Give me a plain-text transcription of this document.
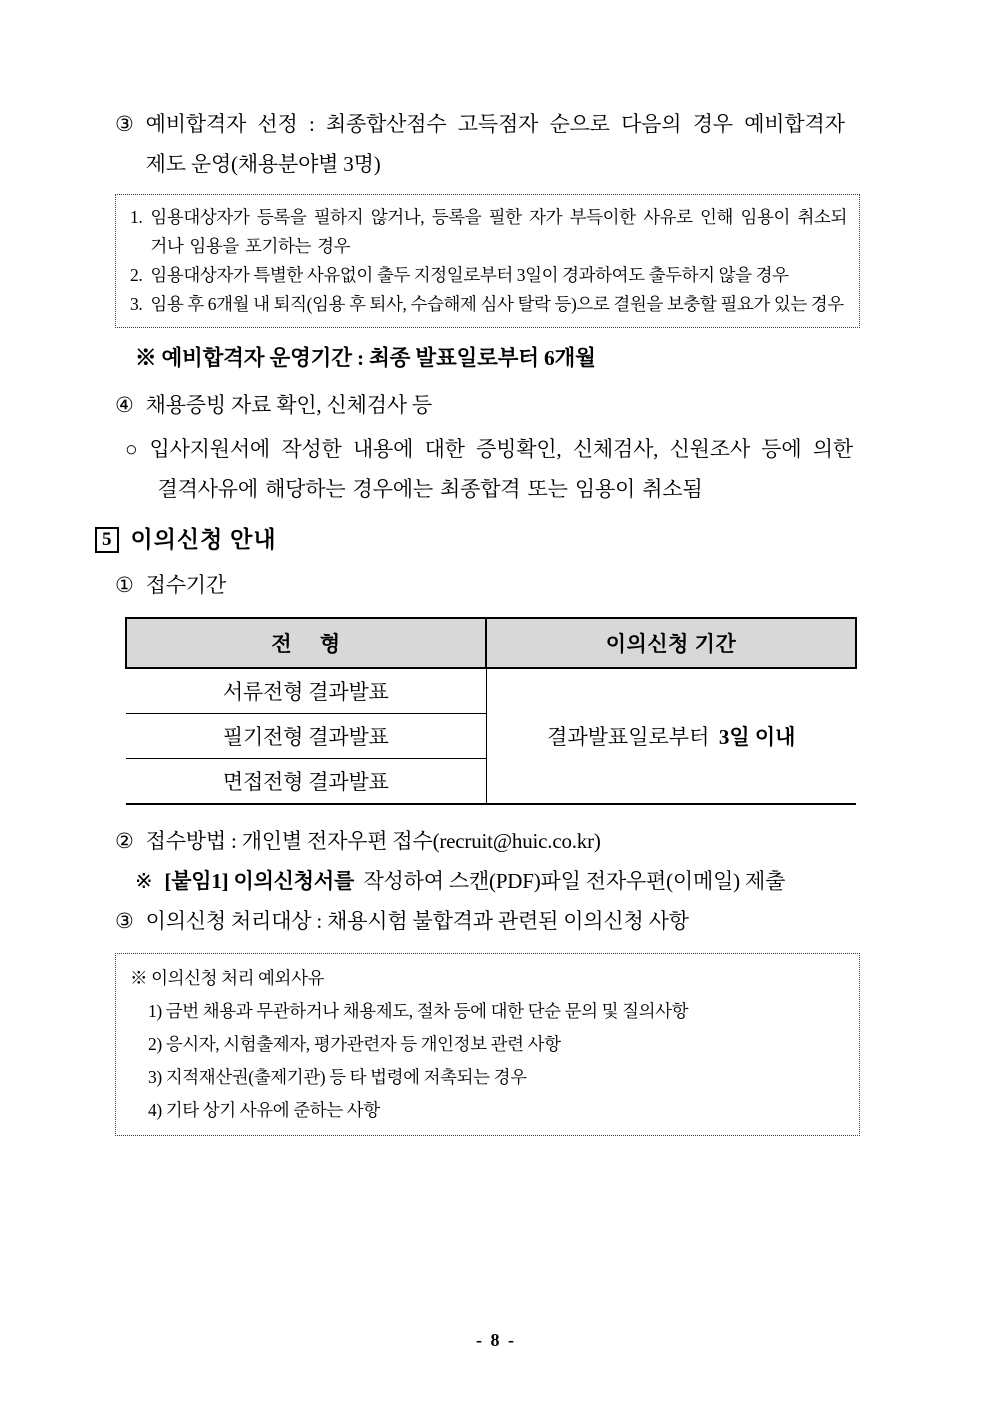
③ 예비합격자 선정 : 최종합산점수 고득점자 순으로 다음의 경우 예비합격자
제도 운영(채용분야별 3명)
1. 임용대상자가 등록을 필하지 않거나, 등록을 필한 자가 부득이한 사유로 인해 임용이 취소되거나 임용을 포기하는 경우
2. 임용대상자가 특별한 사유없이 출두 지정일로부터 3일이 경과하여도 출두하지 않을 경우
3. 임용 후 6개월 내 퇴직(임용 후 퇴사, 수습해제 심사 탈락 등)으로 결원을 보충할 필요가 있는 경우
※ 예비합격자 운영기간 : 최종 발표일로부터 6개월
④ 채용증빙 자료 확인, 신체검사 등
○ 입사지원서에 작성한 내용에 대한 증빙확인, 신체검사, 신원조사 등에 의한
결격사유에 해당하는 경우에는 최종합격 또는 임용이 취소됨
5 이의신청 안내
① 접수기간
전 형	이의신청 기간
서류전형 결과발표	결과발표일로부터 3일 이내
필기전형 결과발표	
면접전형 결과발표	
② 접수방법 : 개인별 전자우편 접수(recruit@huic.co.kr)
※ [붙임1] 이의신청서를 작성하여 스캔(PDF)파일 전자우편(이메일) 제출
③ 이의신청 처리대상 : 채용시험 불합격과 관련된 이의신청 사항
※ 이의신청 처리 예외사유
1) 금번 채용과 무관하거나 채용제도, 절차 등에 대한 단순 문의 및 질의사항
2) 응시자, 시험출제자, 평가관련자 등 개인정보 관련 사항
3) 지적재산권(출제기관) 등 타 법령에 저촉되는 경우
4) 기타 상기 사유에 준하는 사항
- 8 -
